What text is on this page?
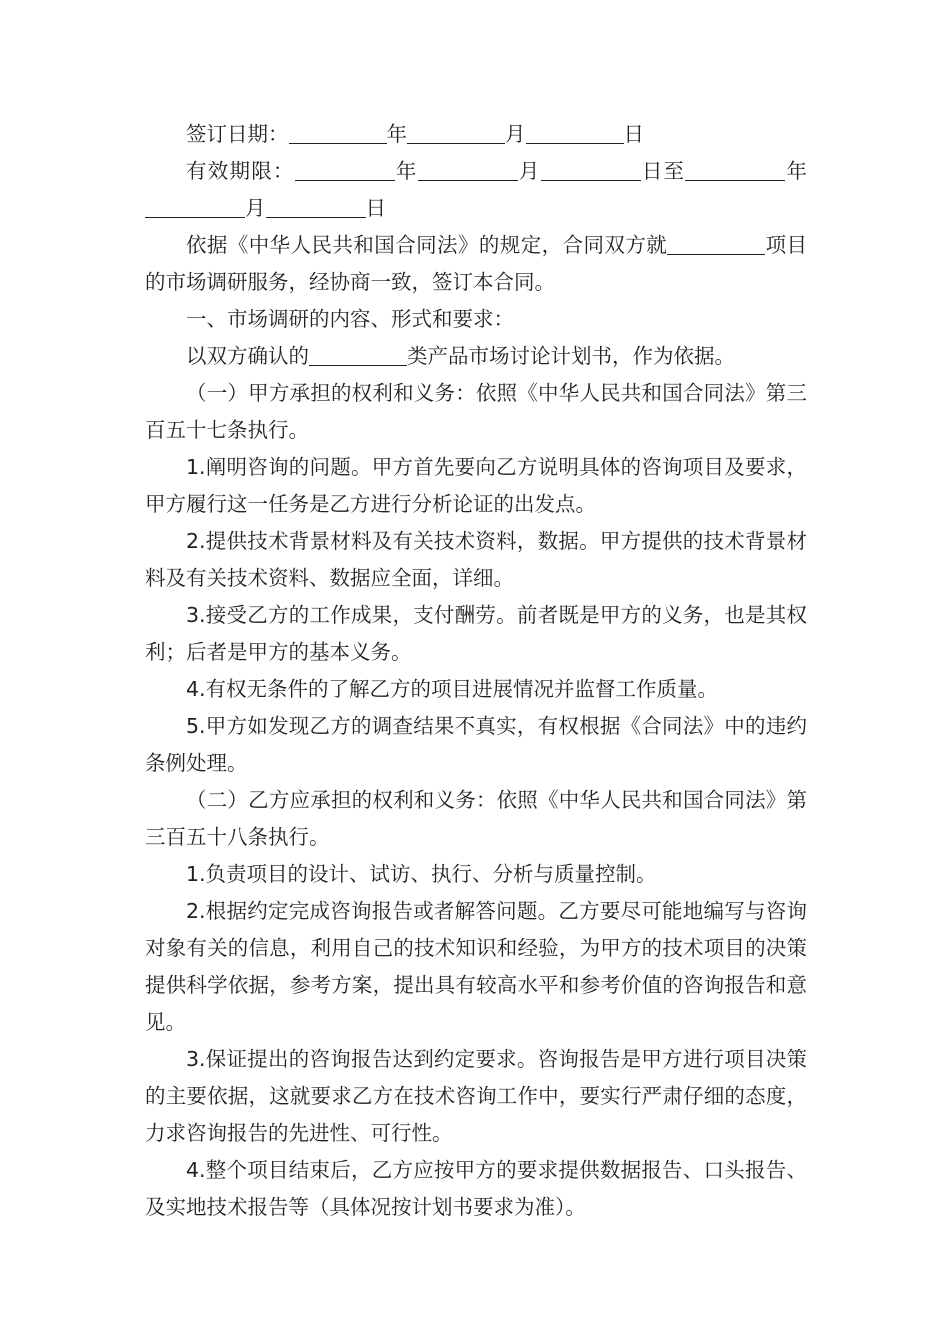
签订日期：	年	月	日

有效期限：	年	月	日至	年月	日

依据《中华人民共和国合同法》的规定，合同双方就	项目的市场调研服务，经协商一致，签订本合同。

一、市场调研的内容、形式和要求：

以双方确认的	类产品市场讨论计划书，作为依据。

（一）甲方承担的权利和义务：依照《中华人民共和国合同法》第三百五十七条执行。

1.阐明咨询的问题。甲方首先要向乙方说明具体的咨询项目及要求，甲方履行这一任务是乙方进行分析论证的出发点。

2.提供技术背景材料及有关技术资料，数据。甲方提供的技术背景材料及有关技术资料、数据应全面，详细。

3.接受乙方的工作成果，支付酬劳。前者既是甲方的义务，也是其权利；后者是甲方的基本义务。

4.有权无条件的了解乙方的项目进展情况并监督工作质量。

5.甲方如发现乙方的调查结果不真实，有权根据《合同法》中的违约条例处理。

（二）乙方应承担的权利和义务：依照《中华人民共和国合同法》第三百五十八条执行。

1.负责项目的设计、试访、执行、分析与质量控制。

2.根据约定完成咨询报告或者解答问题。乙方要尽可能地编写与咨询对象有关的信息，利用自己的技术知识和经验，为甲方的技术项目的决策提供科学依据，参考方案，提出具有较高水平和参考价值的咨询报告和意见。

3.保证提出的咨询报告达到约定要求。咨询报告是甲方进行项目决策的主要依据，这就要求乙方在技术咨询工作中，要实行严肃仔细的态度，力求咨询报告的先进性、可行性。

4.整个项目结束后，乙方应按甲方的要求提供数据报告、口头报告、及实地技术报告等（具体况按计划书要求为准）。
